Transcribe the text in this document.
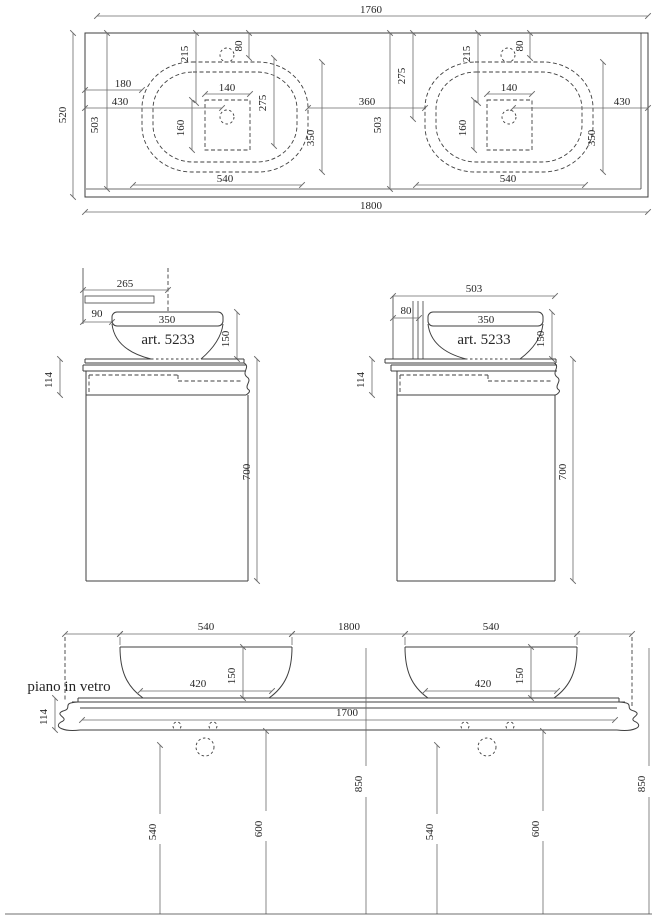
1760
1800
520
503	503
360
215	80
180
430
140
160
275
350
540
275
215	80
140
160
350
430
540
265
90	350
art. 5233 150
114
700
503
80
350
art. 5233 150
114
700
540	1800	540
420 150	420 150
piano in vetro
1700
114
540	600
850
540	600
850
